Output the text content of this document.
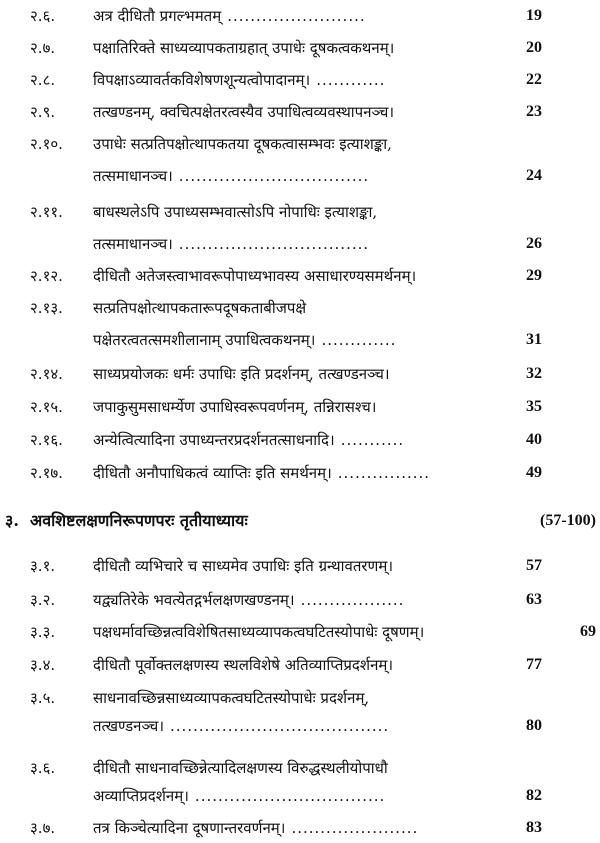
२.६.	अत्र दीधितौ प्रगल्भमतम् ........................	19
२.७.	पक्षातिरिक्ते साध्यव्यापकताग्रहात् उपाधेः दूषकत्वकथनम्।	20
२.८.	विपक्षाऽव्यावर्तकविशेषणशून्यत्वोपादानम्। ............	22
२.९.	तत्खण्डनम्, क्वचित्पक्षेतरत्वस्यैव उपाधित्वव्यवस्थापनञ्च।	23
२.१०. उपाधेः सत्प्रतिपक्षोत्थापकतया दूषकत्वासम्भवः इत्याशङ्का,
तत्समाधानञ्च। .................................	24
२.११. बाधस्थलेऽपि उपाध्यसम्भवात्सोऽपि नोपाधिः इत्याशङ्का,
तत्समाधानञ्च। .................................	26
२.१२. दीधितौ अतेजस्त्वाभावरूपोपाध्यभावस्य असाधारण्यसमर्थनम्।	29
२.१३. सत्प्रतिपक्षोत्थापकतारूपदूषकताबीजपक्षे
पक्षेतरत्वतत्समशीलानाम् उपाधित्वकथनम्। .............	31
२.१४. साध्यप्रयोजकः धर्मः उपाधिः इति प्रदर्शनम्, तत्खण्डनञ्च।	32
२.१५. जपाकुसुमसाधर्म्येण उपाधिस्वरूपवर्णनम्, तन्निरासश्च।	35
२.१६. अन्येत्वित्यादिना उपाध्यन्तरप्रदर्शनतत्साधनादि। ...........	40
२.१७. दीधितौ अनौपाधिकत्वं व्याप्तिः इति समर्थनम्। ................	49
३. अवशिष्टलक्षणनिरूपणपरः तृतीयाध्यायः	(57-100)
३.१.	दीधितौ व्यभिचारे च साध्यमेव उपाधिः इति ग्रन्थावतरणम्।	57
३.२.	यद्व्यतिरेके भवत्येतद्गर्भलक्षणखण्डनम्। ..................	63
३.३.	पक्षधर्मावच्छिन्नत्वविशेषितसाध्यव्यापकत्वघटितस्योपाधेः दूषणम्।	69
३.४.	दीधितौ पूर्वोक्तलक्षणस्य स्थलविशेषे अतिव्याप्तिप्रदर्शनम्।	77
३.५.	साधनावच्छिन्नसाध्यव्यापकत्वघटितस्योपाधेः प्रदर्शनम्,
तत्खण्डनञ्च। ......................................	80
३.६.	दीधितौ साधनावच्छिन्नेत्यादिलक्षणस्य विरुद्धस्थलीयोपाधौ
अव्याप्तिप्रदर्शनम्। .................................	82
३.७.	तत्र किञ्चेत्यादिना दूषणान्तरवर्णनम्। ......................	83
